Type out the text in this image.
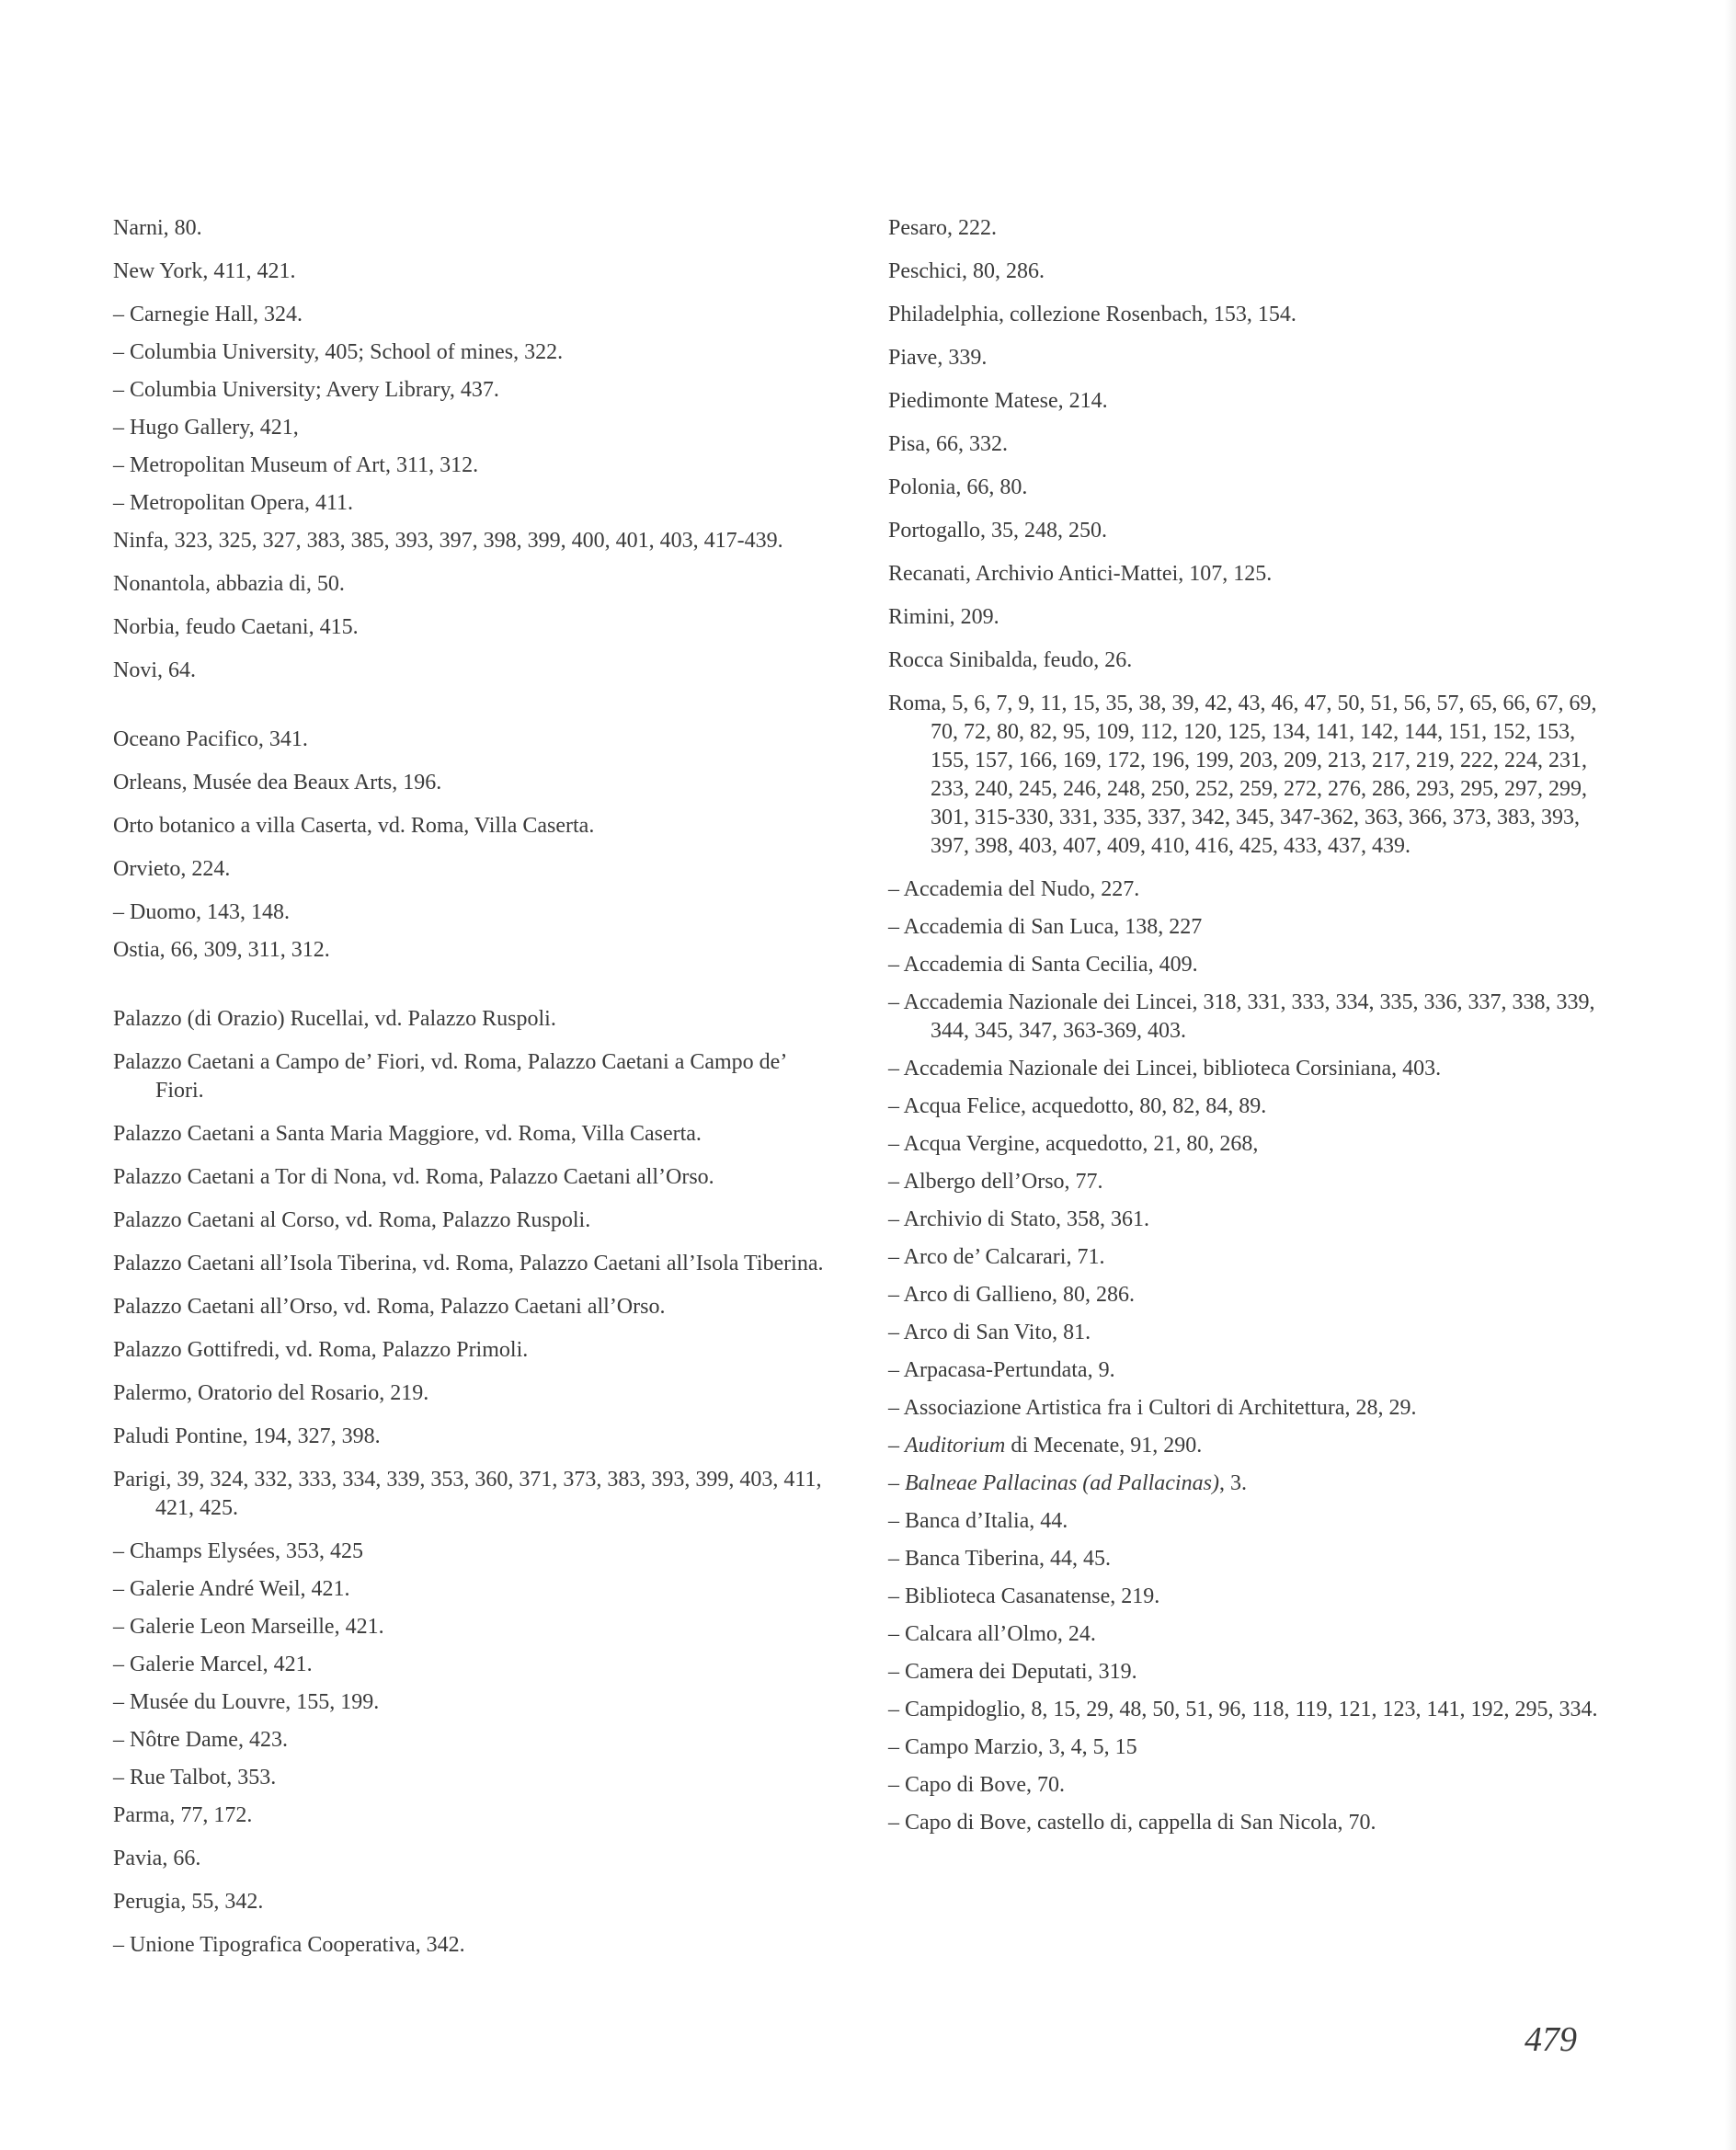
Narni, 80.
New York, 411, 421.
– Carnegie Hall, 324.
– Columbia University, 405; School of mines, 322.
– Columbia University; Avery Library, 437.
– Hugo Gallery, 421,
– Metropolitan Museum of Art, 311, 312.
– Metropolitan Opera, 411.
Ninfa, 323, 325, 327, 383, 385, 393, 397, 398, 399, 400, 401, 403, 417-439.
Nonantola, abbazia di, 50.
Norbia, feudo Caetani, 415.
Novi, 64.
Oceano Pacifico, 341.
Orleans, Musée dea Beaux Arts, 196.
Orto botanico a villa Caserta, vd. Roma, Villa Caserta.
Orvieto, 224.
– Duomo, 143, 148.
Ostia, 66, 309, 311, 312.
Palazzo (di Orazio) Rucellai, vd. Palazzo Ruspoli.
Palazzo Caetani a Campo de’ Fiori, vd. Roma, Palazzo Caetani a Campo de’ Fiori.
Palazzo Caetani a Santa Maria Maggiore, vd. Roma, Villa Caserta.
Palazzo Caetani a Tor di Nona, vd. Roma, Palazzo Caetani all’Orso.
Palazzo Caetani al Corso, vd. Roma, Palazzo Ruspoli.
Palazzo Caetani all’Isola Tiberina, vd. Roma, Palazzo Caetani all’Isola Tiberina.
Palazzo Caetani all’Orso, vd. Roma, Palazzo Caetani all’Orso.
Palazzo Gottifredi, vd. Roma, Palazzo Primoli.
Palermo, Oratorio del Rosario, 219.
Paludi Pontine, 194, 327, 398.
Parigi, 39, 324, 332, 333, 334, 339, 353, 360, 371, 373, 383, 393, 399, 403, 411, 421, 425.
– Champs Elysées, 353, 425
– Galerie André Weil, 421.
– Galerie Leon Marseille, 421.
– Galerie Marcel, 421.
– Musée du Louvre, 155, 199.
– Nôtre Dame, 423.
– Rue Talbot, 353.
Parma, 77, 172.
Pavia, 66.
Perugia, 55, 342.
– Unione Tipografica Cooperativa, 342.
Pesaro, 222.
Peschici, 80, 286.
Philadelphia, collezione Rosenbach, 153, 154.
Piave, 339.
Piedimonte Matese, 214.
Pisa, 66, 332.
Polonia, 66, 80.
Portogallo, 35, 248, 250.
Recanati, Archivio Antici-Mattei, 107, 125.
Rimini, 209.
Rocca Sinibalda, feudo, 26.
Roma, 5, 6, 7, 9, 11, 15, 35, 38, 39, 42, 43, 46, 47, 50, 51, 56, 57, 65, 66, 67, 69, 70, 72, 80, 82, 95, 109, 112, 120, 125, 134, 141, 142, 144, 151, 152, 153, 155, 157, 166, 169, 172, 196, 199, 203, 209, 213, 217, 219, 222, 224, 231, 233, 240, 245, 246, 248, 250, 252, 259, 272, 276, 286, 293, 295, 297, 299, 301, 315-330, 331, 335, 337, 342, 345, 347-362, 363, 366, 373, 383, 393, 397, 398, 403, 407, 409, 410, 416, 425, 433, 437, 439.
– Accademia del Nudo, 227.
– Accademia di San Luca, 138, 227
– Accademia di Santa Cecilia, 409.
– Accademia Nazionale dei Lincei, 318, 331, 333, 334, 335, 336, 337, 338, 339, 344, 345, 347, 363-369, 403.
– Accademia Nazionale dei Lincei, biblioteca Corsiniana, 403.
– Acqua Felice, acquedotto, 80, 82, 84, 89.
– Acqua Vergine, acquedotto, 21, 80, 268,
– Albergo dell’Orso, 77.
– Archivio di Stato, 358, 361.
– Arco de’ Calcarari, 71.
– Arco di Gallieno, 80, 286.
– Arco di San Vito, 81.
– Arpacasa-Pertundata, 9.
– Associazione Artistica fra i Cultori di Architettura, 28, 29.
– Auditorium di Mecenate, 91, 290.
– Balneae Pallacinas (ad Pallacinas), 3.
– Banca d’Italia, 44.
– Banca Tiberina, 44, 45.
– Biblioteca Casanatense, 219.
– Calcara all’Olmo, 24.
– Camera dei Deputati, 319.
– Campidoglio, 8, 15, 29, 48, 50, 51, 96, 118, 119, 121, 123, 141, 192, 295, 334.
– Campo Marzio, 3, 4, 5, 15
– Capo di Bove, 70.
– Capo di Bove, castello di, cappella di San Nicola, 70.
479
